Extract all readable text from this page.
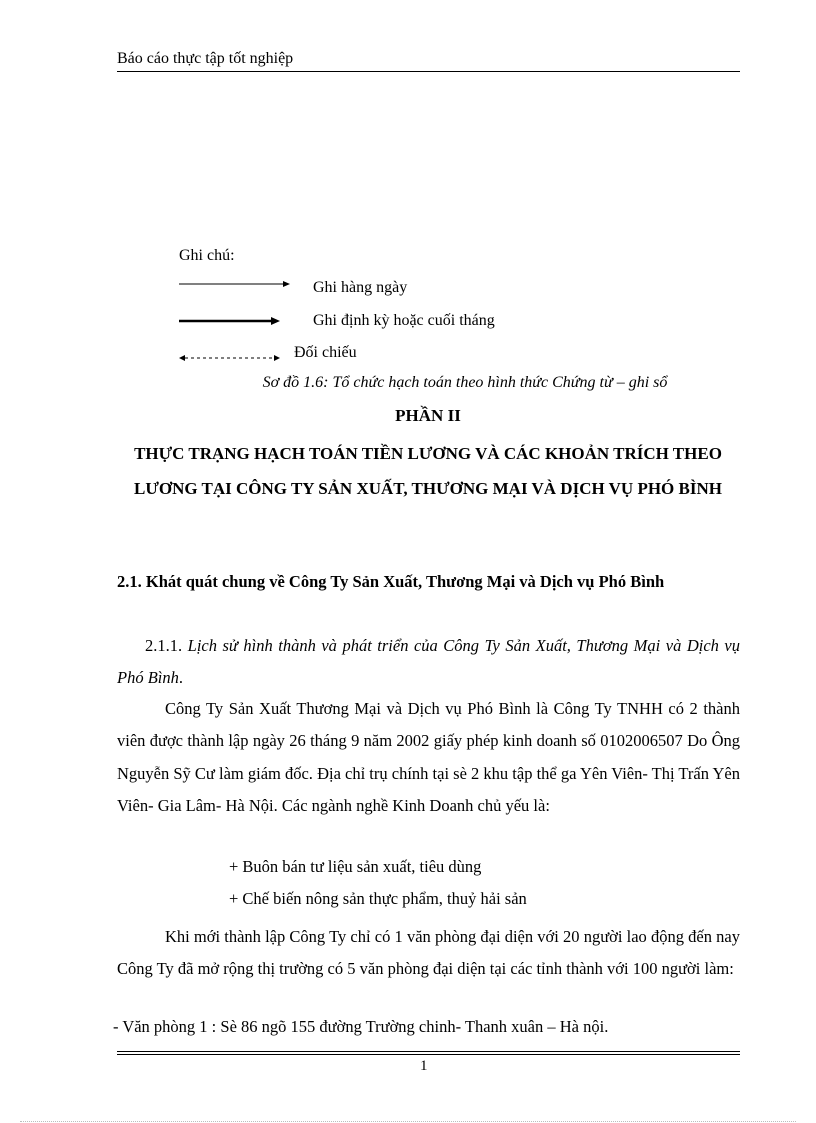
Báo cáo thực tập tốt nghiệp
Ghi chú:
Ghi hàng ngày
Ghi định kỳ hoặc cuối tháng
Đối chiếu
Sơ đồ 1.6: Tổ chức hạch toán theo hình thức Chứng từ – ghi sổ
PHẦN II
THỰC TRẠNG HẠCH TOÁN TIỀN LƯƠNG VÀ CÁC KHOẢN TRÍCH THEO LƯƠNG TẠI CÔNG TY SẢN XUẤT, THƯƠNG MẠI VÀ DỊCH VỤ PHÓ BÌNH
2.1. Khát quát chung về Công Ty Sản Xuất, Thương Mại và Dịch vụ Phó Bình
2.1.1. Lịch sử hình thành và phát triển của Công Ty Sản Xuất, Thương Mại và Dịch vụ Phó Bình.
Công Ty Sản Xuất Thương Mại và Dịch vụ Phó Bình là Công Ty TNHH có 2 thành viên được thành lập ngày 26 tháng 9 năm 2002 giấy phép kinh doanh số 0102006507 Do Ông Nguyễn Sỹ Cư làm giám đốc. Địa chỉ trụ chính tại sè 2 khu tập thể ga Yên Viên- Thị Trấn Yên Viên- Gia Lâm- Hà Nội. Các ngành nghề Kinh Doanh chủ yếu là:
+ Buôn bán tư liệu sản xuất, tiêu dùng
+ Chế biến nông sản thực phẩm, thuỷ hải sản
Khi mới thành lập Công Ty chỉ có 1 văn phòng đại diện với 20 người lao động đến nay Công Ty đã mở rộng thị trường có 5 văn phòng đại diện tại các tỉnh thành với 100 người làm:
- Văn phòng 1 : Sè 86 ngõ 155 đường Trường chinh- Thanh xuân – Hà nội.
1
